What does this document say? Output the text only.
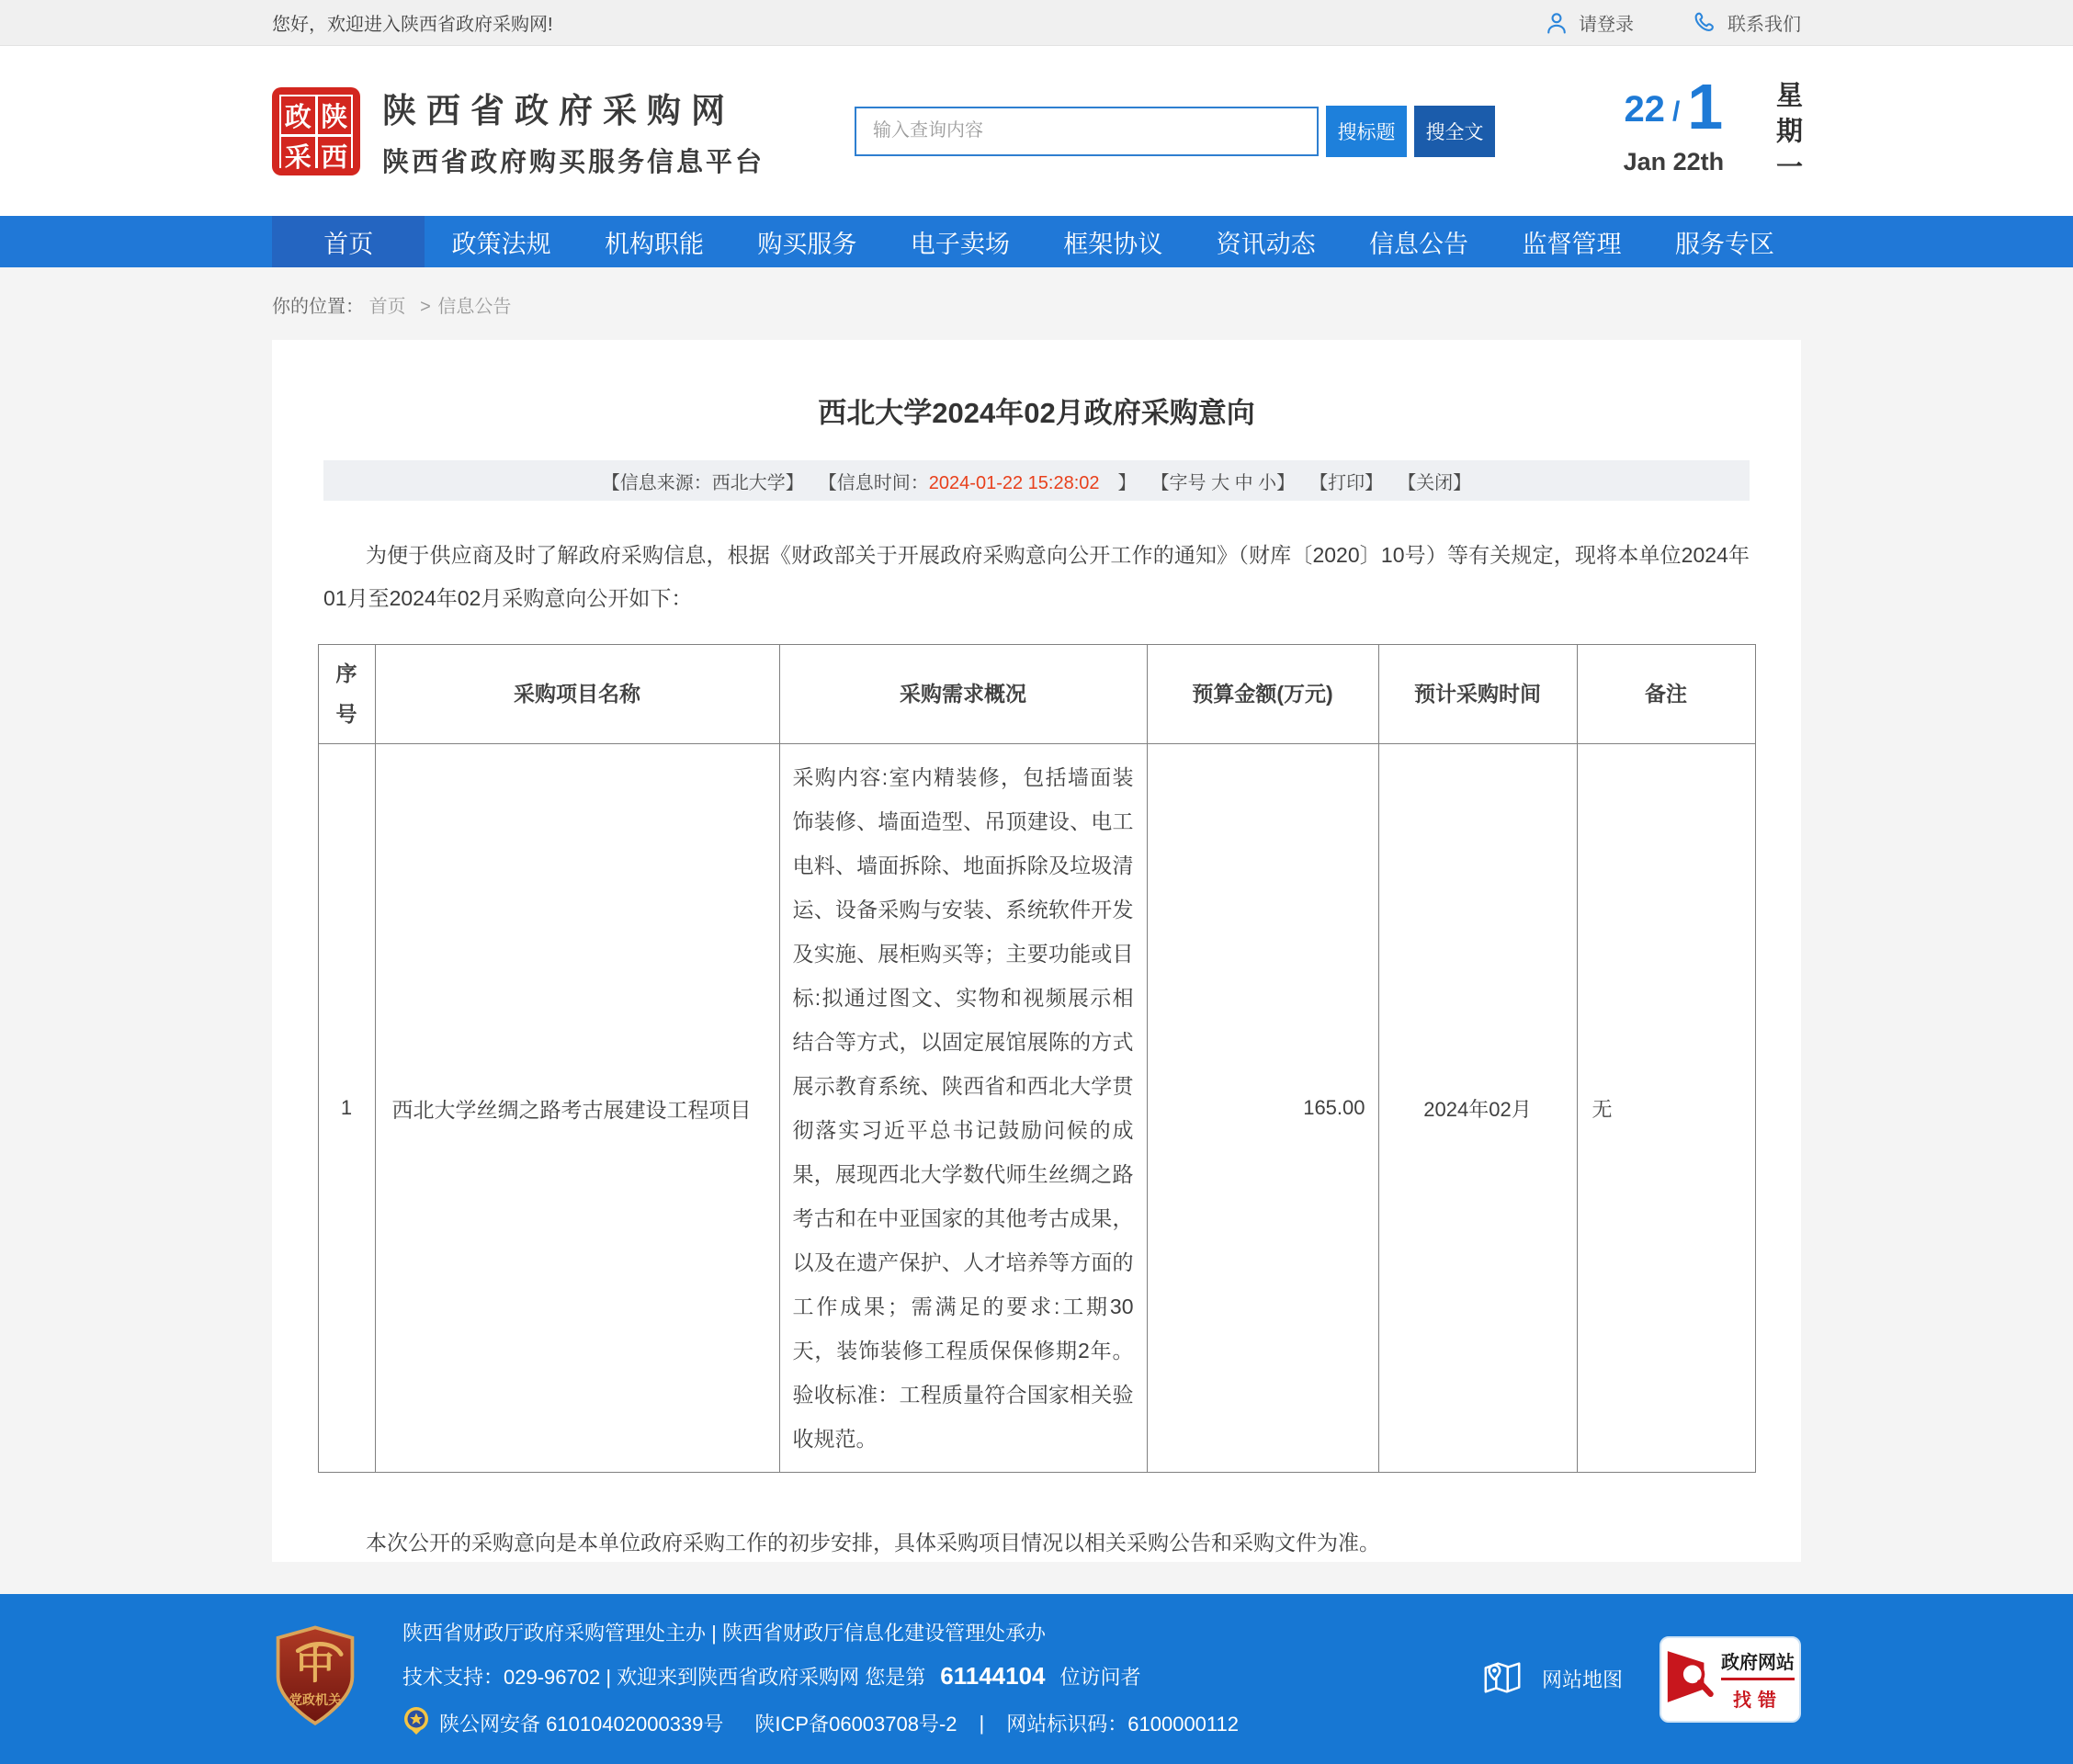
您好，欢迎进入陕西省政府采购网!	请登录	联系我们
政 陕
采 西
陕西省政府采购网
陕西省政府购买服务信息平台
输入查询内容
搜标题	搜全文
22 / 1
Jan 22th 星期一
首页	政策法规	机构职能	购买服务	电子卖场	框架协议	资讯动态	信息公告	监督管理	服务专区
你的位置： 首页 > 信息公告
西北大学2024年02月政府采购意向
【信息来源：西北大学】 【信息时间：2024-01-22 15:28:02　】 【字号 大 中 小】 【打印】 【关闭】
为便于供应商及时了解政府采购信息，根据《财政部关于开展政府采购意向公开工作的通知》（财库〔2020〕10号）等有关规定，现将本单位2024年01月至2024年02月采购意向公开如下：
序号	采购项目名称	采购需求概况	预算金额(万元)	预计采购时间	备注
1	西北大学丝绸之路考古展建设工程项目	采购内容:室内精装修，包括墙面装饰装修、墙面造型、吊顶建设、电工电料、墙面拆除、地面拆除及垃圾清运、设备采购与安装、系统软件开发及实施、展柜购买等；主要功能或目标:拟通过图文、实物和视频展示相结合等方式，以固定展馆展陈的方式展示教育系统、陕西省和西北大学贯彻落实习近平总书记鼓励问候的成果，展现西北大学数代师生丝绸之路考古和在中亚国家的其他考古成果，以及在遗产保护、人才培养等方面的工作成果；需满足的要求:工期30天，装饰装修工程质保保修期2年。验收标准：工程质量符合国家相关验收规范。	165.00	2024年02月	无
本次公开的采购意向是本单位政府采购工作的初步安排，具体采购项目情况以相关采购公告和采购文件为准。
中
党政机关
陕西省财政厅政府采购管理处主办 | 陕西省财政厅信息化建设管理处承办
技术支持：029-96702 | 欢迎来到陕西省政府采购网 您是第 61144104 位访问者
陕公网安备 61010402000339号 陕ICP备06003708号-2 | 网站标识码：6100000112
网站地图
政府网站
找错
